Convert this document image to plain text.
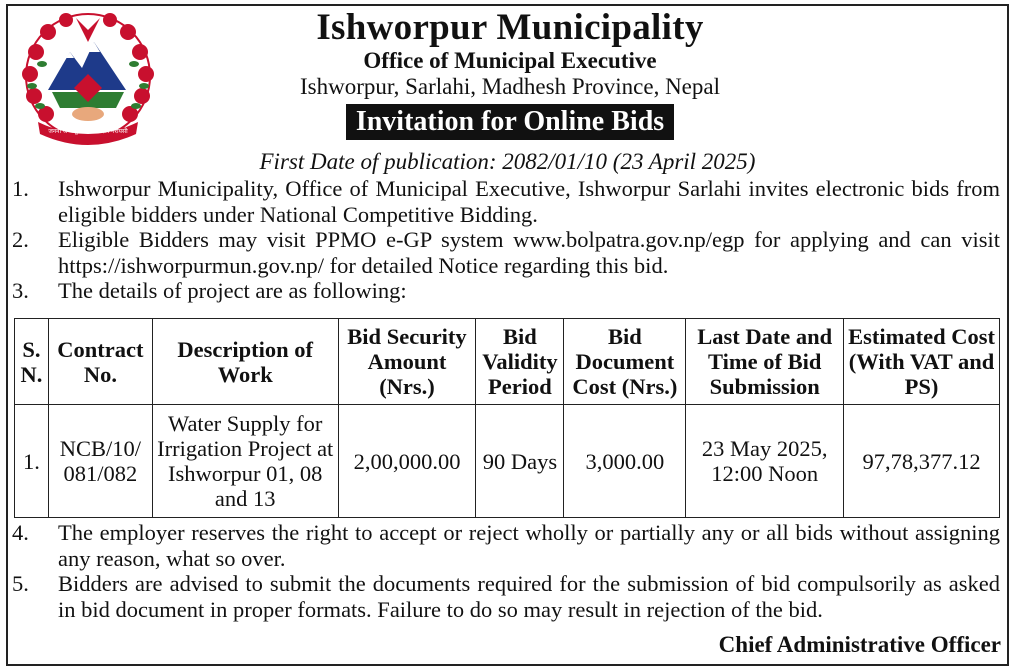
जननी जन्मभूमिश्च स्वर्गादपि गरीयसी
Ishworpur Municipality
Office of Municipal Executive
Ishworpur, Sarlahi, Madhesh Province, Nepal
Invitation for Online Bids
First Date of publication: 2082/01/10 (23 April 2025)
1.	Ishworpur Municipality, Office of Municipal Executive, Ishworpur Sarlahi invites electronic bids from eligible bidders under National Competitive Bidding.
2.	Eligible Bidders may visit PPMO e-GP system www.bolpatra.gov.np/egp for applying and can visit https://ishworpurmun.gov.np/ for detailed Notice regarding this bid.
3.	The details of project are as following:
S. N.	Contract No.	Description of Work	Bid Security Amount (Nrs.)	Bid Validity Period	Bid Document Cost (Nrs.)	Last Date and Time of Bid Submission	Estimated Cost (With VAT and PS)
1.	NCB/10/ 081/082	Water Supply for Irrigation Project at Ishworpur 01, 08 and 13	2,00,000.00	90 Days	3,000.00	23 May 2025, 12:00 Noon	97,78,377.12
4.	The employer reserves the right to accept or reject wholly or partially any or all bids without assigning any reason, what so over.
5.	Bidders are advised to submit the documents required for the submission of bid compulsorily as asked in bid document in proper formats. Failure to do so may result in rejection of the bid.
Chief Administrative Officer
